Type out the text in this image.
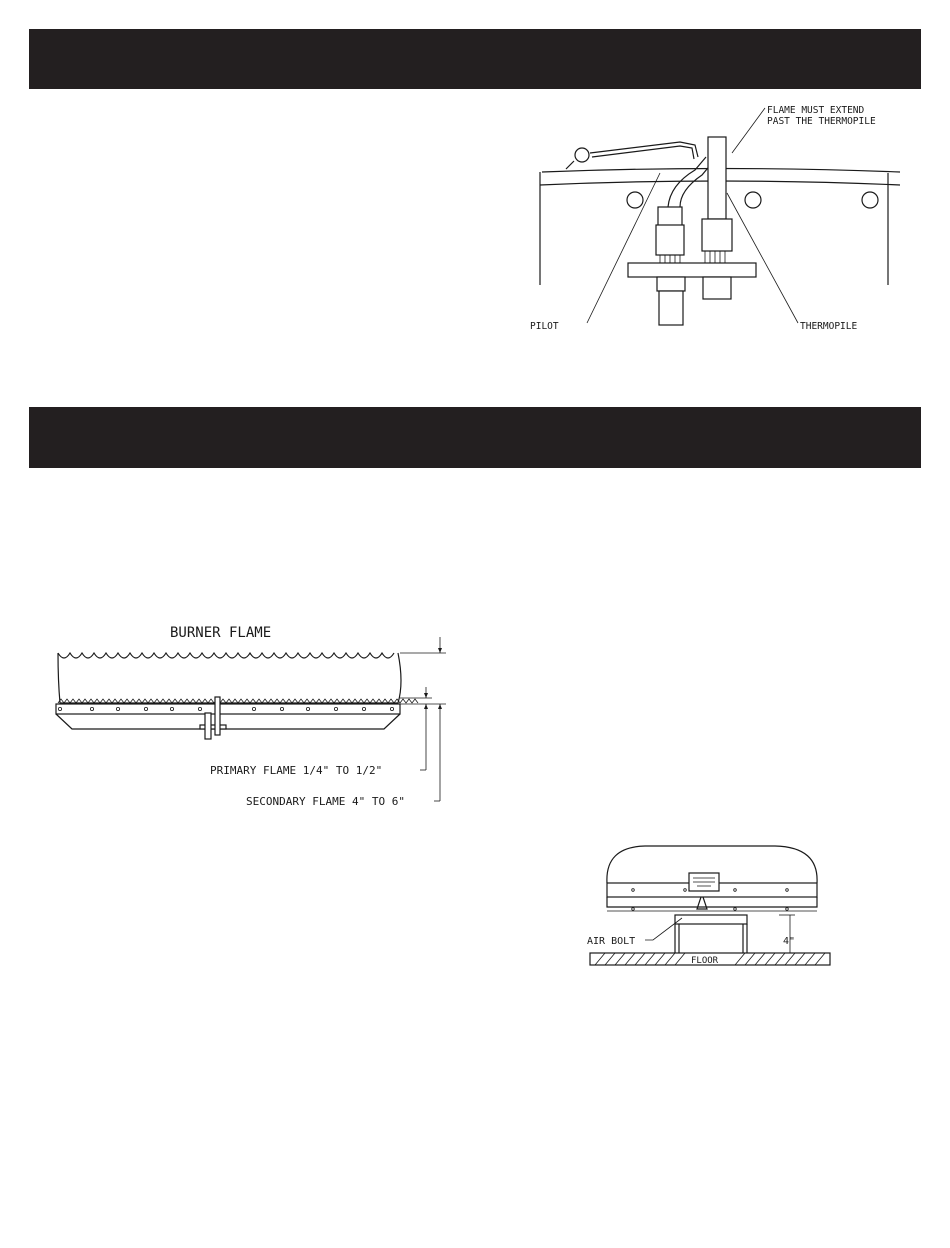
FLAME MUST EXTEND
PAST THE THERMOPILE
PILOT	THERMOPILE
BURNER FLAME
PRIMARY FLAME 1/4" TO 1/2"
SECONDARY FLAME 4" TO 6"
FLOOR
4"
AIR BOLT
